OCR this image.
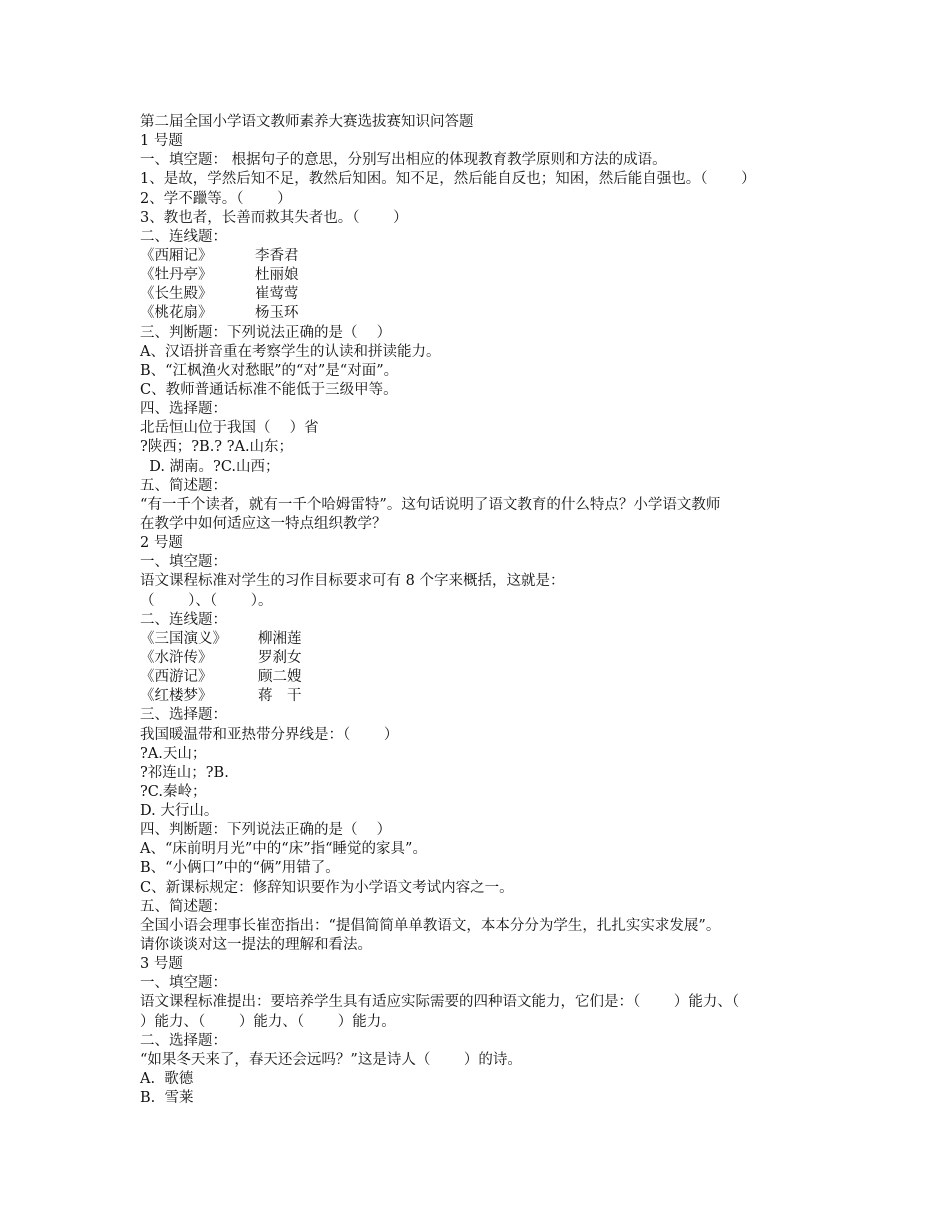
第二届全国小学语文教师素养大赛选拔赛知识问答题
1 号题
一、填空题： 根据句子的意思，分别写出相应的体现教育教学原则和方法的成语。
1、是故，学然后知不足，教然后知困。知不足，然后能自反也；知困，然后能自强也。（　　 ）
2、学不躐等。（　　 ）
3、教也者，长善而救其失者也。（　　 ）
二、连线题：
《西厢记》	李香君
《牡丹亭》	杜丽娘
《长生殿》	崔莺莺
《桃花扇》	杨玉环
三、判断题：下列说法正确的是（　 ）
A、汉语拼音重在考察学生的认读和拼读能力。
B、“江枫渔火对愁眠”的“对”是“对面”。
C、教师普通话标准不能低于三级甲等。
四、选择题：
北岳恒山位于我国（　 ）省
?陕西；?B.? ?A.山东；
D. 湖南。?C.山西；
五、简述题：
“有一千个读者，就有一千个哈姆雷特”。这句话说明了语文教育的什么特点？小学语文教师
在教学中如何适应这一特点组织教学？
2 号题
一、填空题：
语文课程标准对学生的习作目标要求可有 8 个字来概括，这就是：
（　　 ）、（　　 ）。
二、连线题：
《三国演义》 柳湘莲
《水浒传》	罗刹女
《西游记》	顾二嫂
《红楼梦》	蒋　干
三、选择题：
我国暖温带和亚热带分界线是：（　　 ）
?A.天山；
?祁连山；?B.
?C.秦岭；
D. 大行山。
四、判断题：下列说法正确的是（　 ）
A、“床前明月光”中的“床”指“睡觉的家具”。
B、“小俩口”中的“俩”用错了。
C、新课标规定：修辞知识要作为小学语文考试内容之一。
五、简述题：
全国小语会理事长崔峦指出：“提倡简简单单教语文，本本分分为学生，扎扎实实求发展”。
请你谈谈对这一提法的理解和看法。
3 号题
一、填空题：
语文课程标准提出：要培养学生具有适应实际需要的四种语文能力，它们是：（　　 ）能力、（
）能力、（　　 ）能力、（　　 ）能力。
二、选择题：
“如果冬天来了，春天还会远吗？”这是诗人（　　 ）的诗。
A.  歌德
B.  雪莱
